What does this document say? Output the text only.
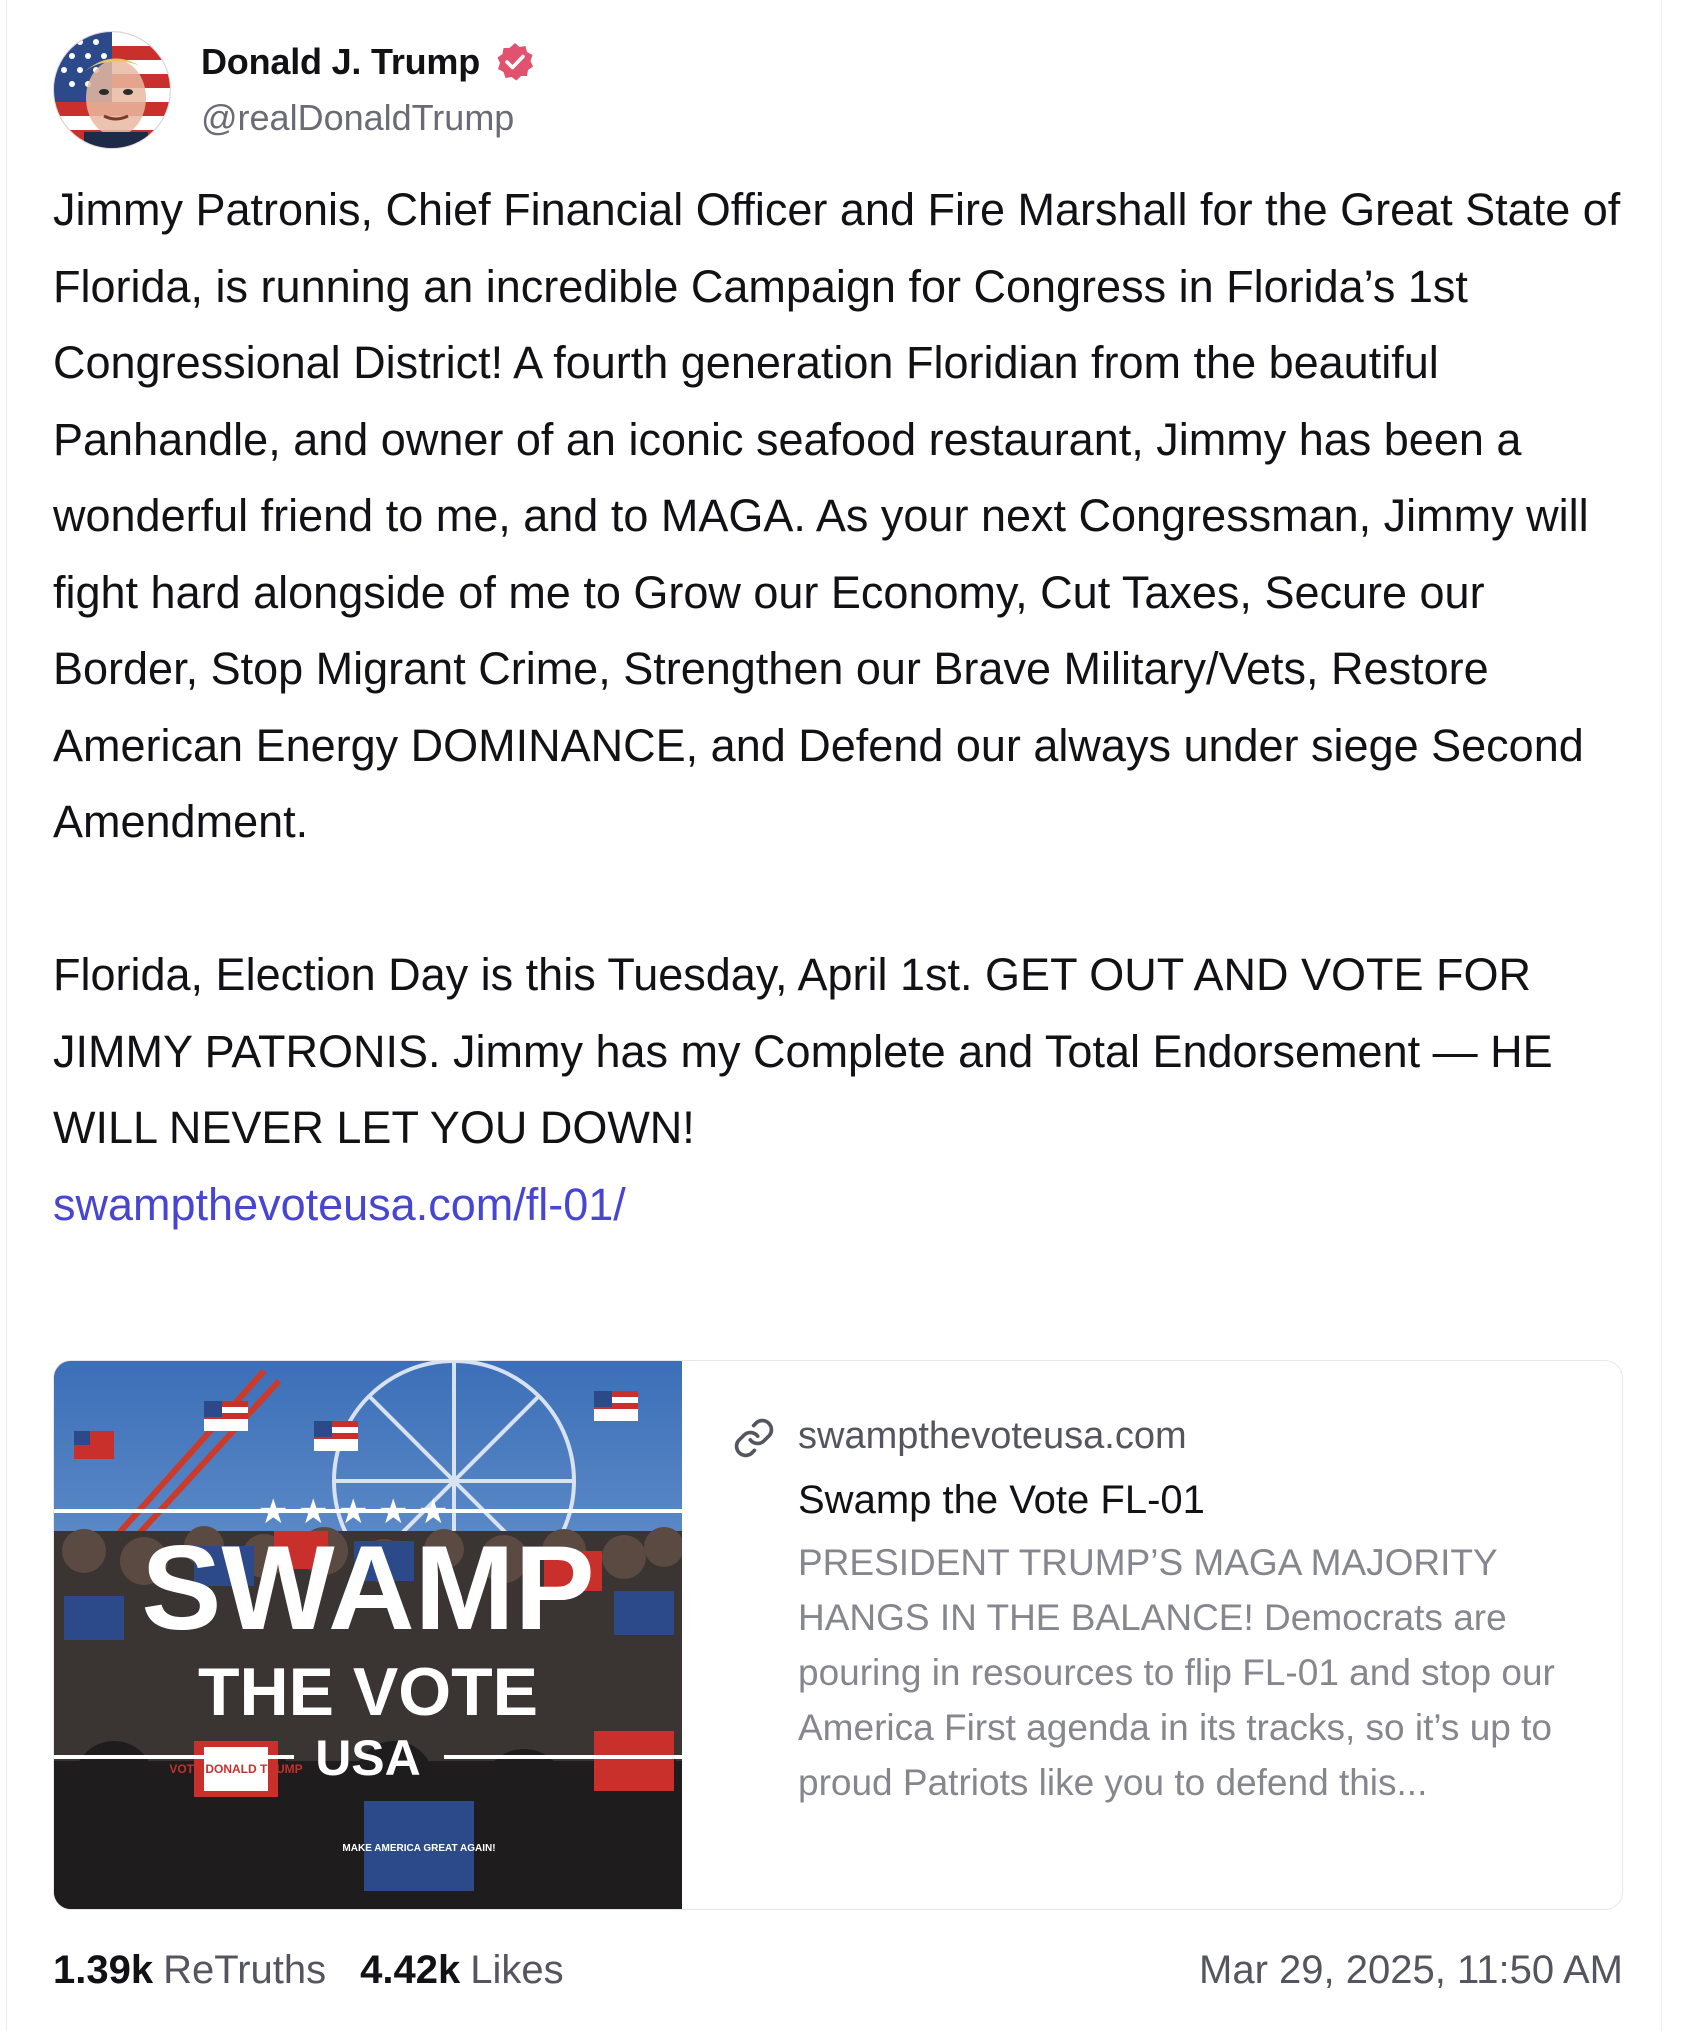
Donald J. Trump
@realDonaldTrump

Jimmy Patronis, Chief Financial Officer and Fire Marshall for the Great State of Florida, is running an incredible Campaign for Congress in Florida’s 1st Congressional District! A fourth generation Floridian from the beautiful Panhandle, and owner of an iconic seafood restaurant, Jimmy has been a wonderful friend to me, and to MAGA. As your next Congressman, Jimmy will fight hard alongside of me to Grow our Economy, Cut Taxes, Secure our Border, Stop Migrant Crime, Strengthen our Brave Military/Vets, Restore American Energy DOMINANCE, and Defend our always under siege Second Amendment.

Florida, Election Day is this Tuesday, April 1st. GET OUT AND VOTE FOR JIMMY PATRONIS. Jimmy has my Complete and Total Endorsement — HE WILL NEVER LET YOU DOWN!

swampthevoteusa.com/fl-01/

★ ★ ★ ★ ★
SWAMP
THE VOTE
USA
VOTE DONALD TRUMP
MAKE AMERICA GREAT AGAIN!
swampthevoteusa.com
Swamp the Vote FL-01
PRESIDENT TRUMP’S MAGA MAJORITY HANGS IN THE BALANCE! Democrats are pouring in resources to flip FL-01 and stop our America First agenda in its tracks, so it’s up to proud Patriots like you to defend this...
1.39k ReTruths 4.42k Likes	Mar 29, 2025, 11:50 AM
